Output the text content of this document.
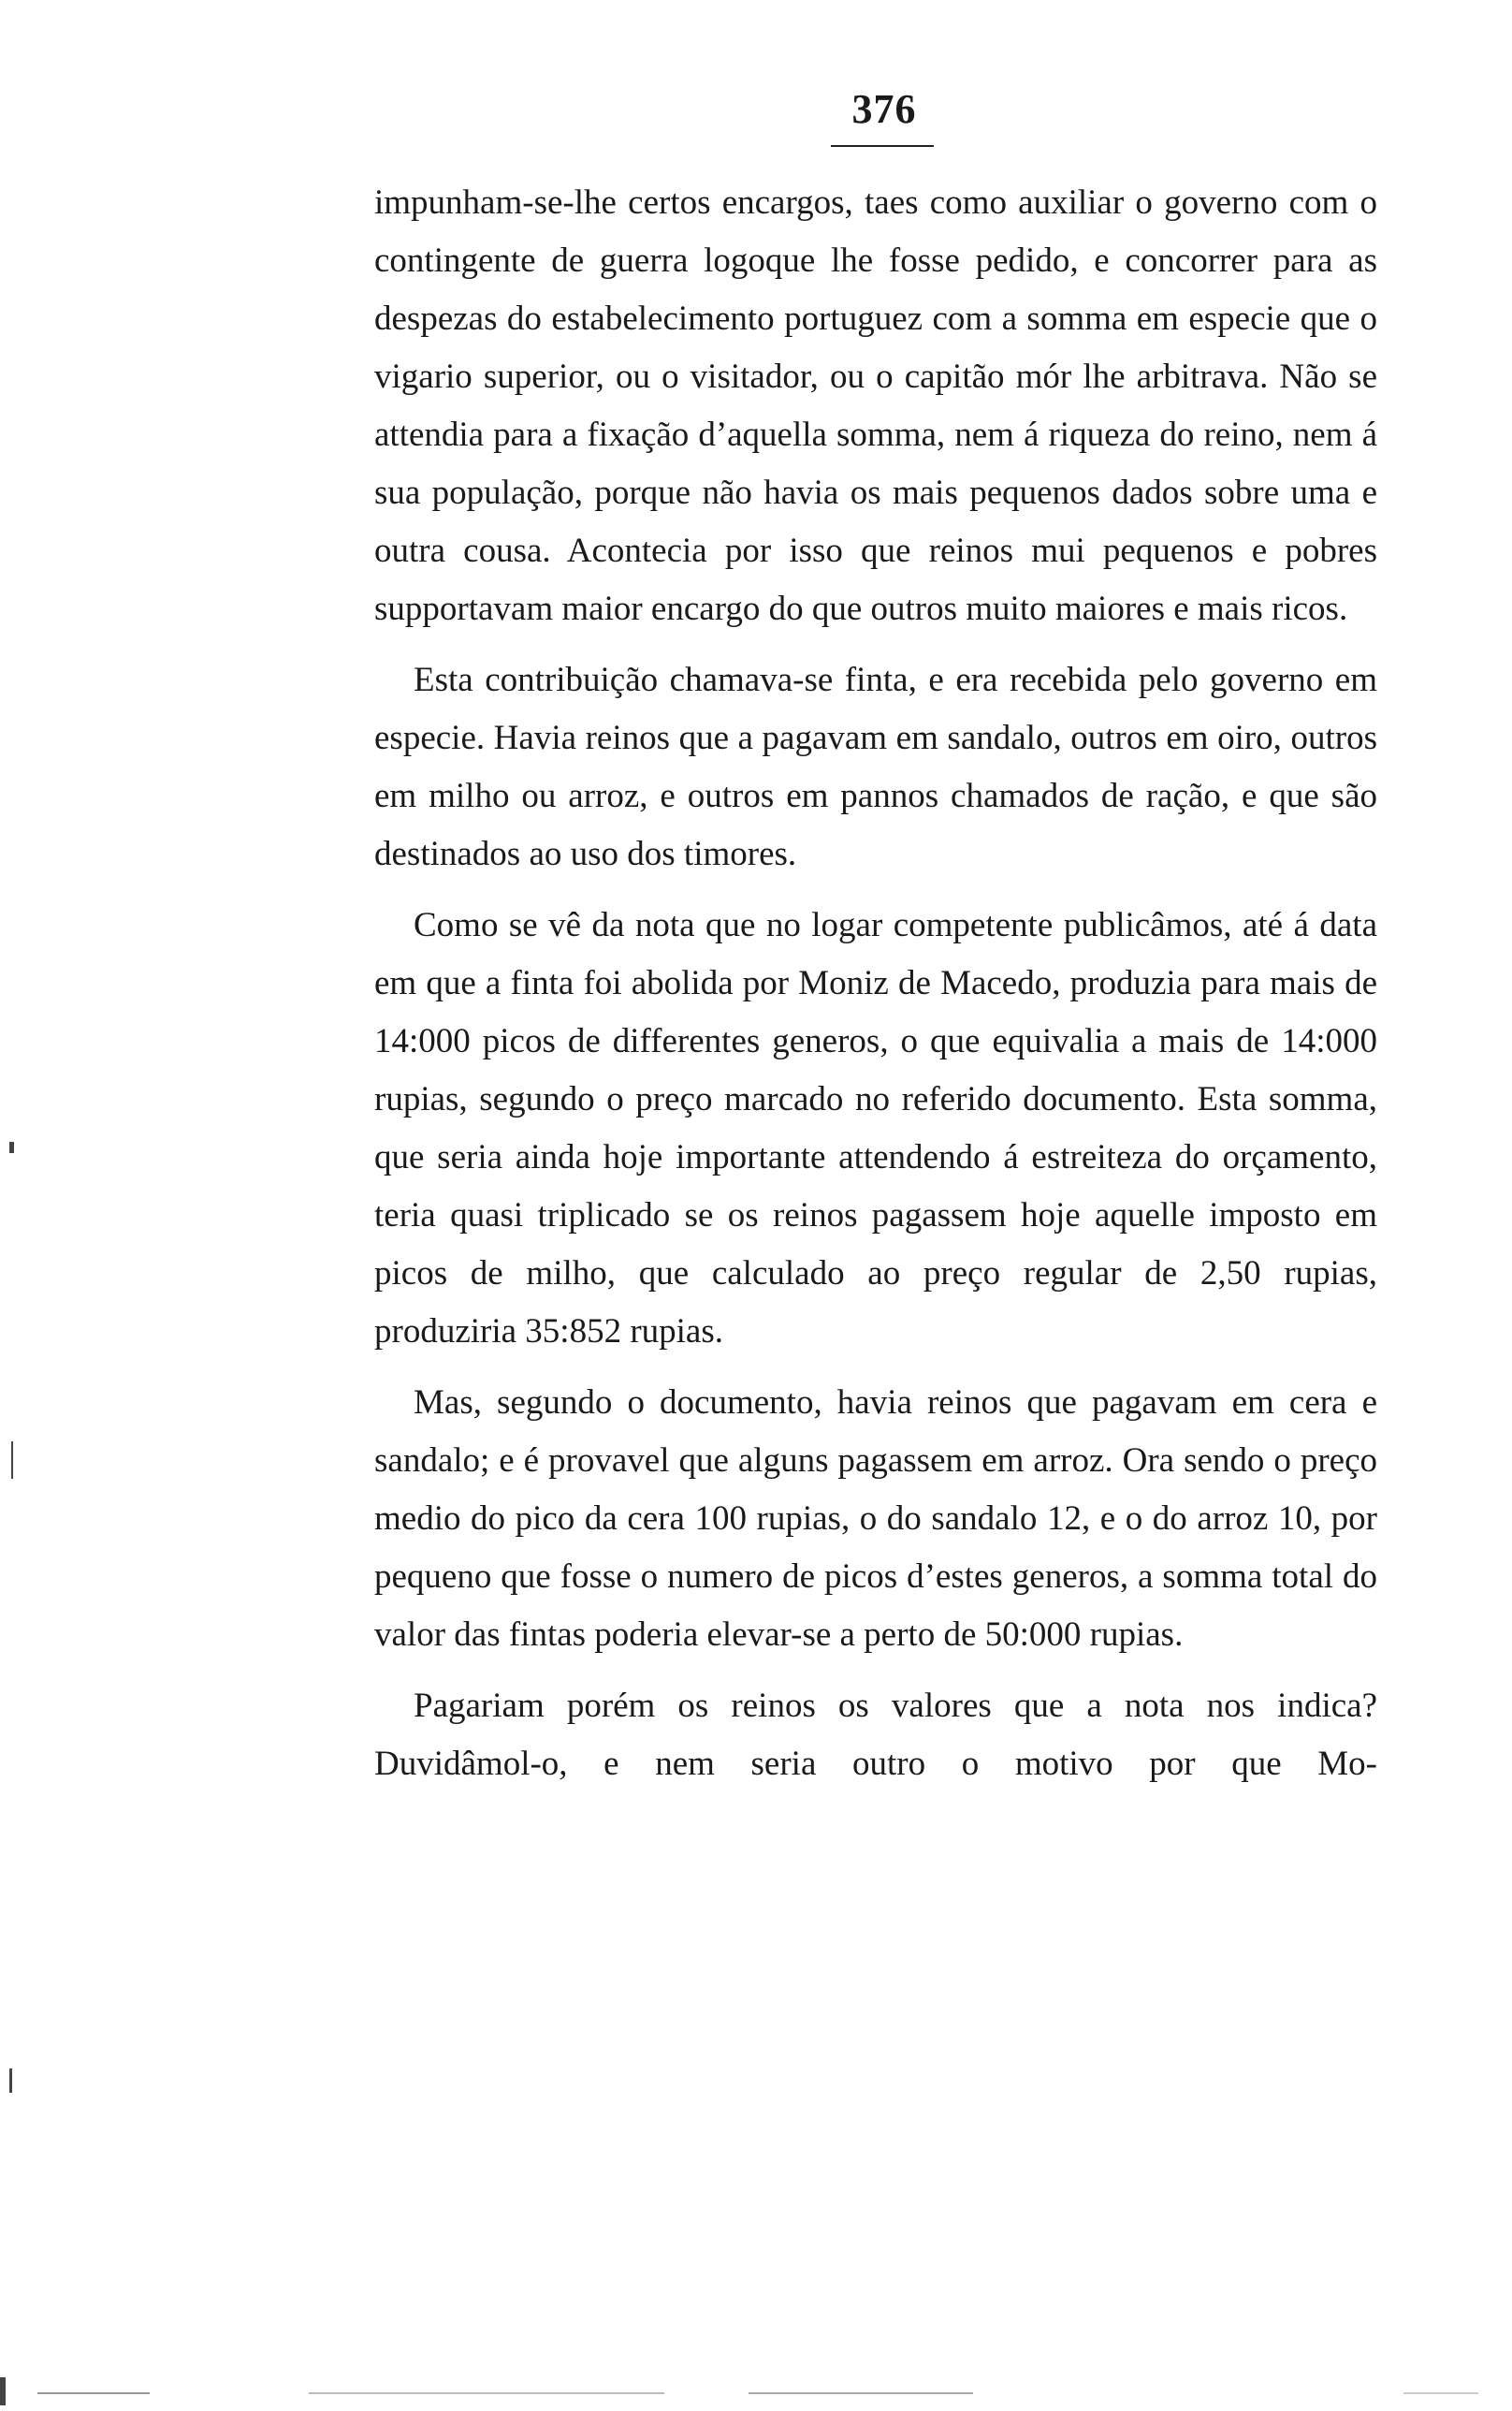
376

impunham-se-lhe certos encargos, taes como auxiliar o governo com o contingente de guerra logoque lhe fosse pedido, e concorrer para as despezas do estabelecimento portuguez com a somma em especie que o vigario superior, ou o visitador, ou o capitão mór lhe arbitrava. Não se attendia para a fixação d’aquella somma, nem á riqueza do reino, nem á sua população, porque não havia os mais pequenos dados sobre uma e outra cousa. Acontecia por isso que reinos mui pequenos e pobres supportavam maior encargo do que outros muito maiores e mais ricos.

Esta contribuição chamava-se finta, e era recebida pelo governo em especie. Havia reinos que a pagavam em sandalo, outros em oiro, outros em milho ou arroz, e outros em pannos chamados de ração, e que são destinados ao uso dos timores.

Como se vê da nota que no logar competente publicâmos, até á data em que a finta foi abolida por Moniz de Macedo, produzia para mais de 14:000 picos de differentes generos, o que equivalia a mais de 14:000 rupias, segundo o preço marcado no referido documento. Esta somma, que seria ainda hoje importante attendendo á estreiteza do orçamento, teria quasi triplicado se os reinos pagassem hoje aquelle imposto em picos de milho, que calculado ao preço regular de 2,50 rupias, produziria 35:852 rupias.

Mas, segundo o documento, havia reinos que pagavam em cera e sandalo; e é provavel que alguns pagassem em arroz. Ora sendo o preço medio do pico da cera 100 rupias, o do sandalo 12, e o do arroz 10, por pequeno que fosse o numero de picos d’estes generos, a somma total do valor das fintas poderia elevar-se a perto de 50:000 rupias.

Pagariam porém os reinos os valores que a nota nos indica? Duvidâmol-o, e nem seria outro o motivo por que Mo-
